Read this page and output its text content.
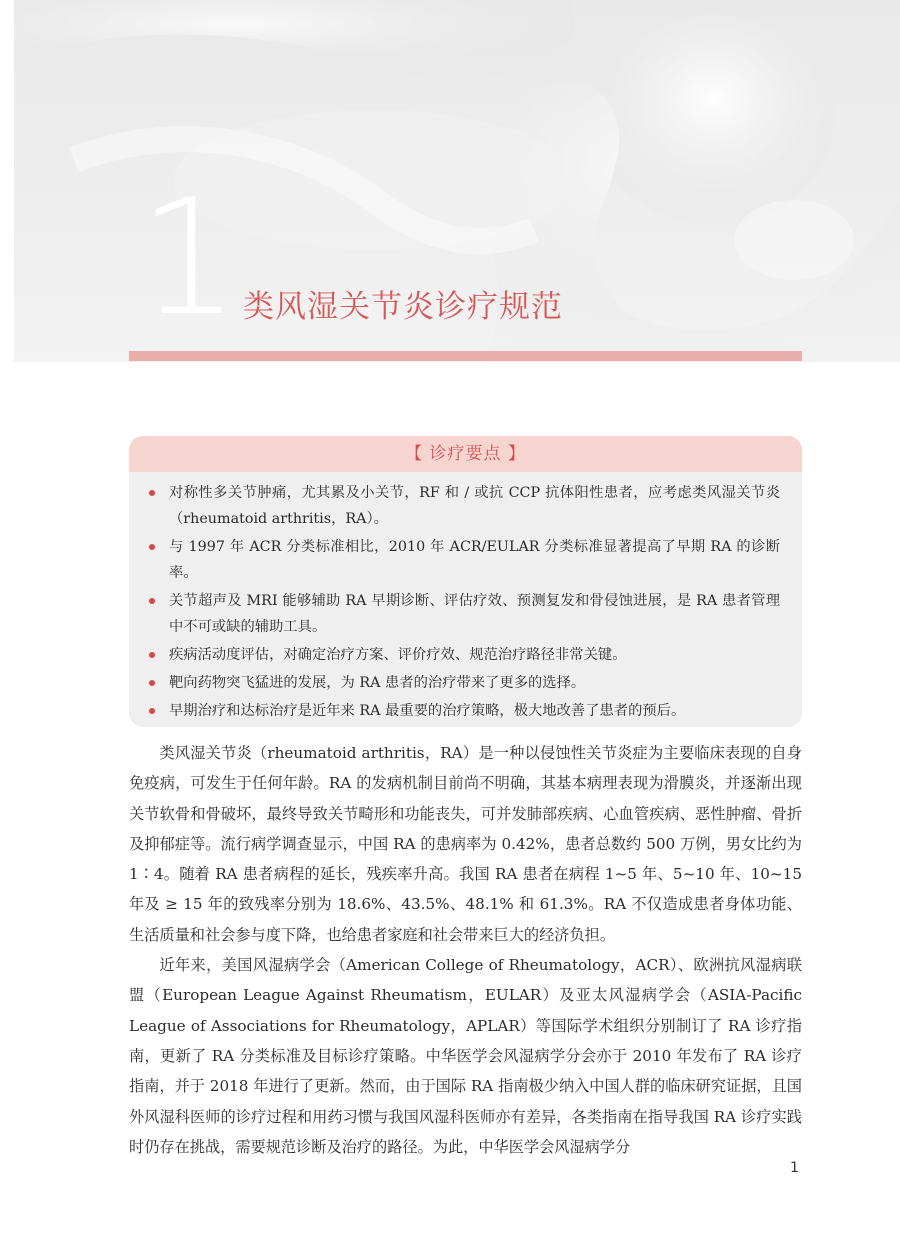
1 类风湿关节炎诊疗规范
【 诊疗要点 】
对称性多关节肿痛，尤其累及小关节，RF 和 / 或抗 CCP 抗体阳性患者，应考虑类风湿关节炎（rheumatoid arthritis，RA）。
与 1997 年 ACR 分类标准相比，2010 年 ACR/EULAR 分类标准显著提高了早期 RA 的诊断率。
关节超声及 MRI 能够辅助 RA 早期诊断、评估疗效、预测复发和骨侵蚀进展，是 RA 患者管理中不可或缺的辅助工具。
疾病活动度评估，对确定治疗方案、评价疗效、规范治疗路径非常关键。
靶向药物突飞猛进的发展，为 RA 患者的治疗带来了更多的选择。
早期治疗和达标治疗是近年来 RA 最重要的治疗策略，极大地改善了患者的预后。

类风湿关节炎（rheumatoid arthritis，RA）是一种以侵蚀性关节炎症为主要临床表现的自身免疫病，可发生于任何年龄。RA 的发病机制目前尚不明确，其基本病理表现为滑膜炎，并逐渐出现关节软骨和骨破坏，最终导致关节畸形和功能丧失，可并发肺部疾病、心血管疾病、恶性肿瘤、骨折及抑郁症等。流行病学调查显示，中国 RA 的患病率为 0.42%，患者总数约 500 万例，男女比约为 1∶4。随着 RA 患者病程的延长，残疾率升高。我国 RA 患者在病程 1~5 年、5~10 年、10~15 年及 ≥ 15 年的致残率分别为 18.6%、43.5%、48.1% 和 61.3%。RA 不仅造成患者身体功能、生活质量和社会参与度下降，也给患者家庭和社会带来巨大的经济负担。

近年来，美国风湿病学会（American College of Rheumatology，ACR）、欧洲抗风湿病联盟（European League Against Rheumatism，EULAR）及亚太风湿病学会（ASIA-Pacific League of Associations for Rheumatology，APLAR）等国际学术组织分别制订了 RA 诊疗指南，更新了 RA 分类标准及目标诊疗策略。中华医学会风湿病学分会亦于 2010 年发布了 RA 诊疗指南，并于 2018 年进行了更新。然而，由于国际 RA 指南极少纳入中国人群的临床研究证据，且国外风湿科医师的诊疗过程和用药习惯与我国风湿科医师亦有差异，各类指南在指导我国 RA 诊疗实践时仍存在挑战，需要规范诊断及治疗的路径。为此，中华医学会风湿病学分

1
